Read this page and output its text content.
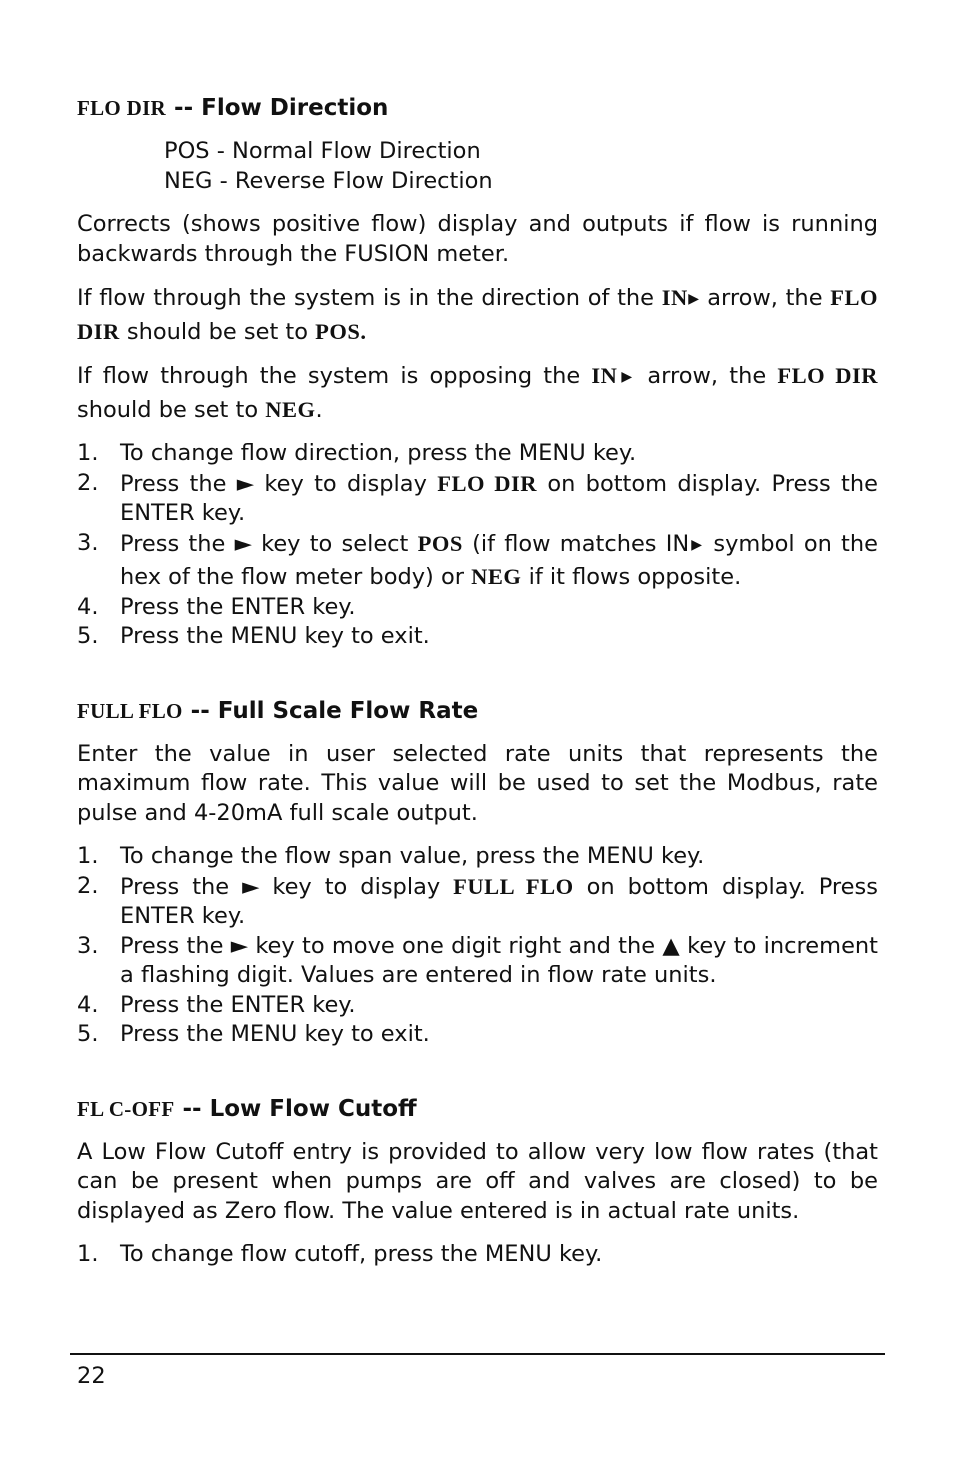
FLO DIR -- Flow Direction
POS - Normal Flow Direction
NEG - Reverse Flow Direction

Corrects (shows positive flow) display and outputs if flow is running backwards through the FUSION meter.

If flow through the system is in the direction of the IN▶ arrow, the FLO DIR should be set to POS.

If flow through the system is opposing the IN▶ arrow, the FLO DIR should be set to NEG.

1. To change flow direction, press the MENU key.
2. Press the ► key to display FLO DIR on bottom display. Press the ENTER key.
3. Press the ► key to select POS (if flow matches IN▶ symbol on the hex of the flow meter body) or NEG if it flows opposite.
4. Press the ENTER key.
5. Press the MENU key to exit.
FULL FLO -- Full Scale Flow Rate

Enter the value in user selected rate units that represents the maximum flow rate. This value will be used to set the Modbus, rate pulse and 4-20mA full scale output.

1. To change the flow span value, press the MENU key.
2. Press the ► key to display FULL FLO on bottom display. Press ENTER key.
3. Press the ► key to move one digit right and the ▲ key to increment a flashing digit. Values are entered in flow rate units.
4. Press the ENTER key.
5. Press the MENU key to exit.
FL C-OFF -- Low Flow Cutoff

A Low Flow Cutoff entry is provided to allow very low flow rates (that can be present when pumps are off and valves are closed) to be displayed as Zero flow. The value entered is in actual rate units.

1. To change flow cutoff, press the MENU key.
22
